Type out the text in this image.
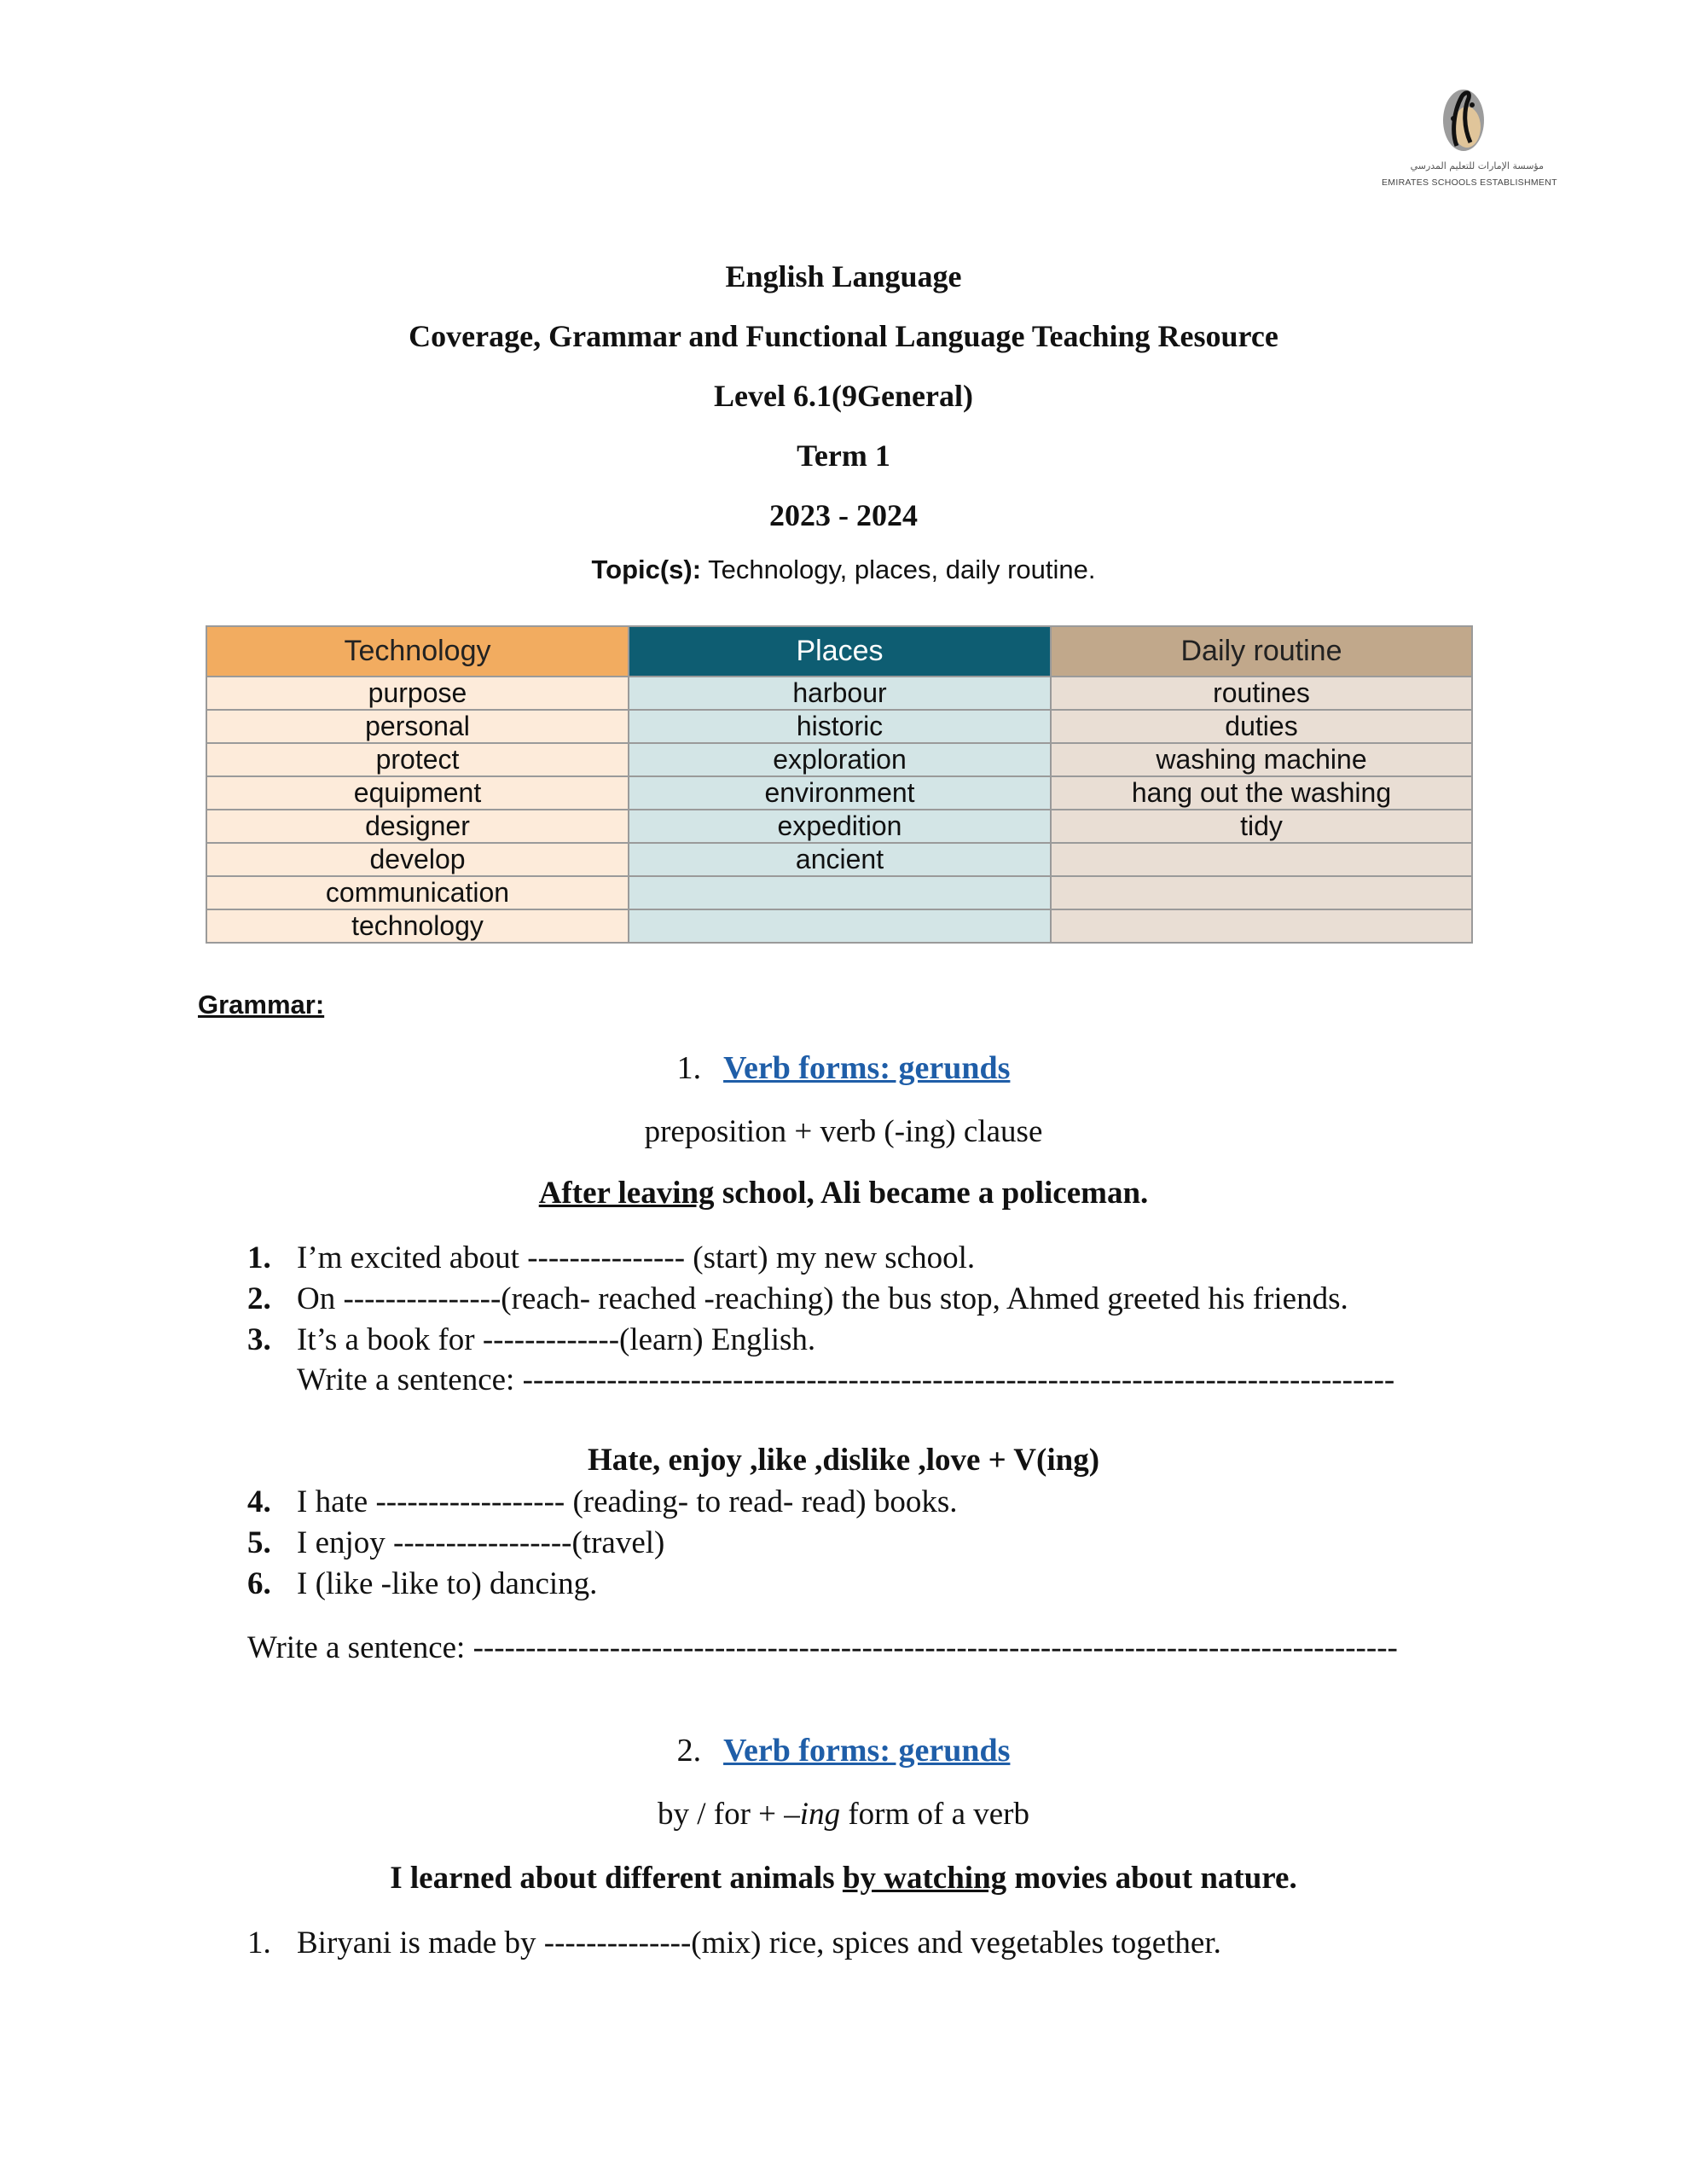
مؤسسة الإمارات للتعليم المدرسي
EMIRATES SCHOOLS ESTABLISHMENT
English Language
Coverage, Grammar and Functional Language Teaching Resource
Level 6.1(9General)
Term 1
2023 - 2024
Topic(s): Technology, places, daily routine.
Technology	Places	Daily routine
purpose	harbour	routines
personal	historic	duties
protect	exploration	washing machine
equipment	environment	hang out the washing
designer	expedition	tidy
develop	ancient	
communication		
technology		
Grammar:
1. Verb forms: gerunds
preposition + verb (-ing) clause
After leaving school, Ali became a policeman.
1. I’m excited about --------------- (start) my new school.
2. On ---------------(reach- reached -reaching) the bus stop, Ahmed greeted his friends.
3. It’s a book for -------------(learn) English.
Write a sentence: -----------------------------------------------------------------------------------
Hate, enjoy ,like ,dislike ,love + V(ing)
4. I hate ------------------ (reading- to read- read) books.
5. I enjoy -----------------(travel)
6. I (like -like to) dancing.
Write a sentence: ----------------------------------------------------------------------------------------
2. Verb forms: gerunds
by / for + –ing form of a verb
I learned about different animals by watching movies about nature.
1. Biryani is made by --------------(mix) rice, spices and vegetables together.
